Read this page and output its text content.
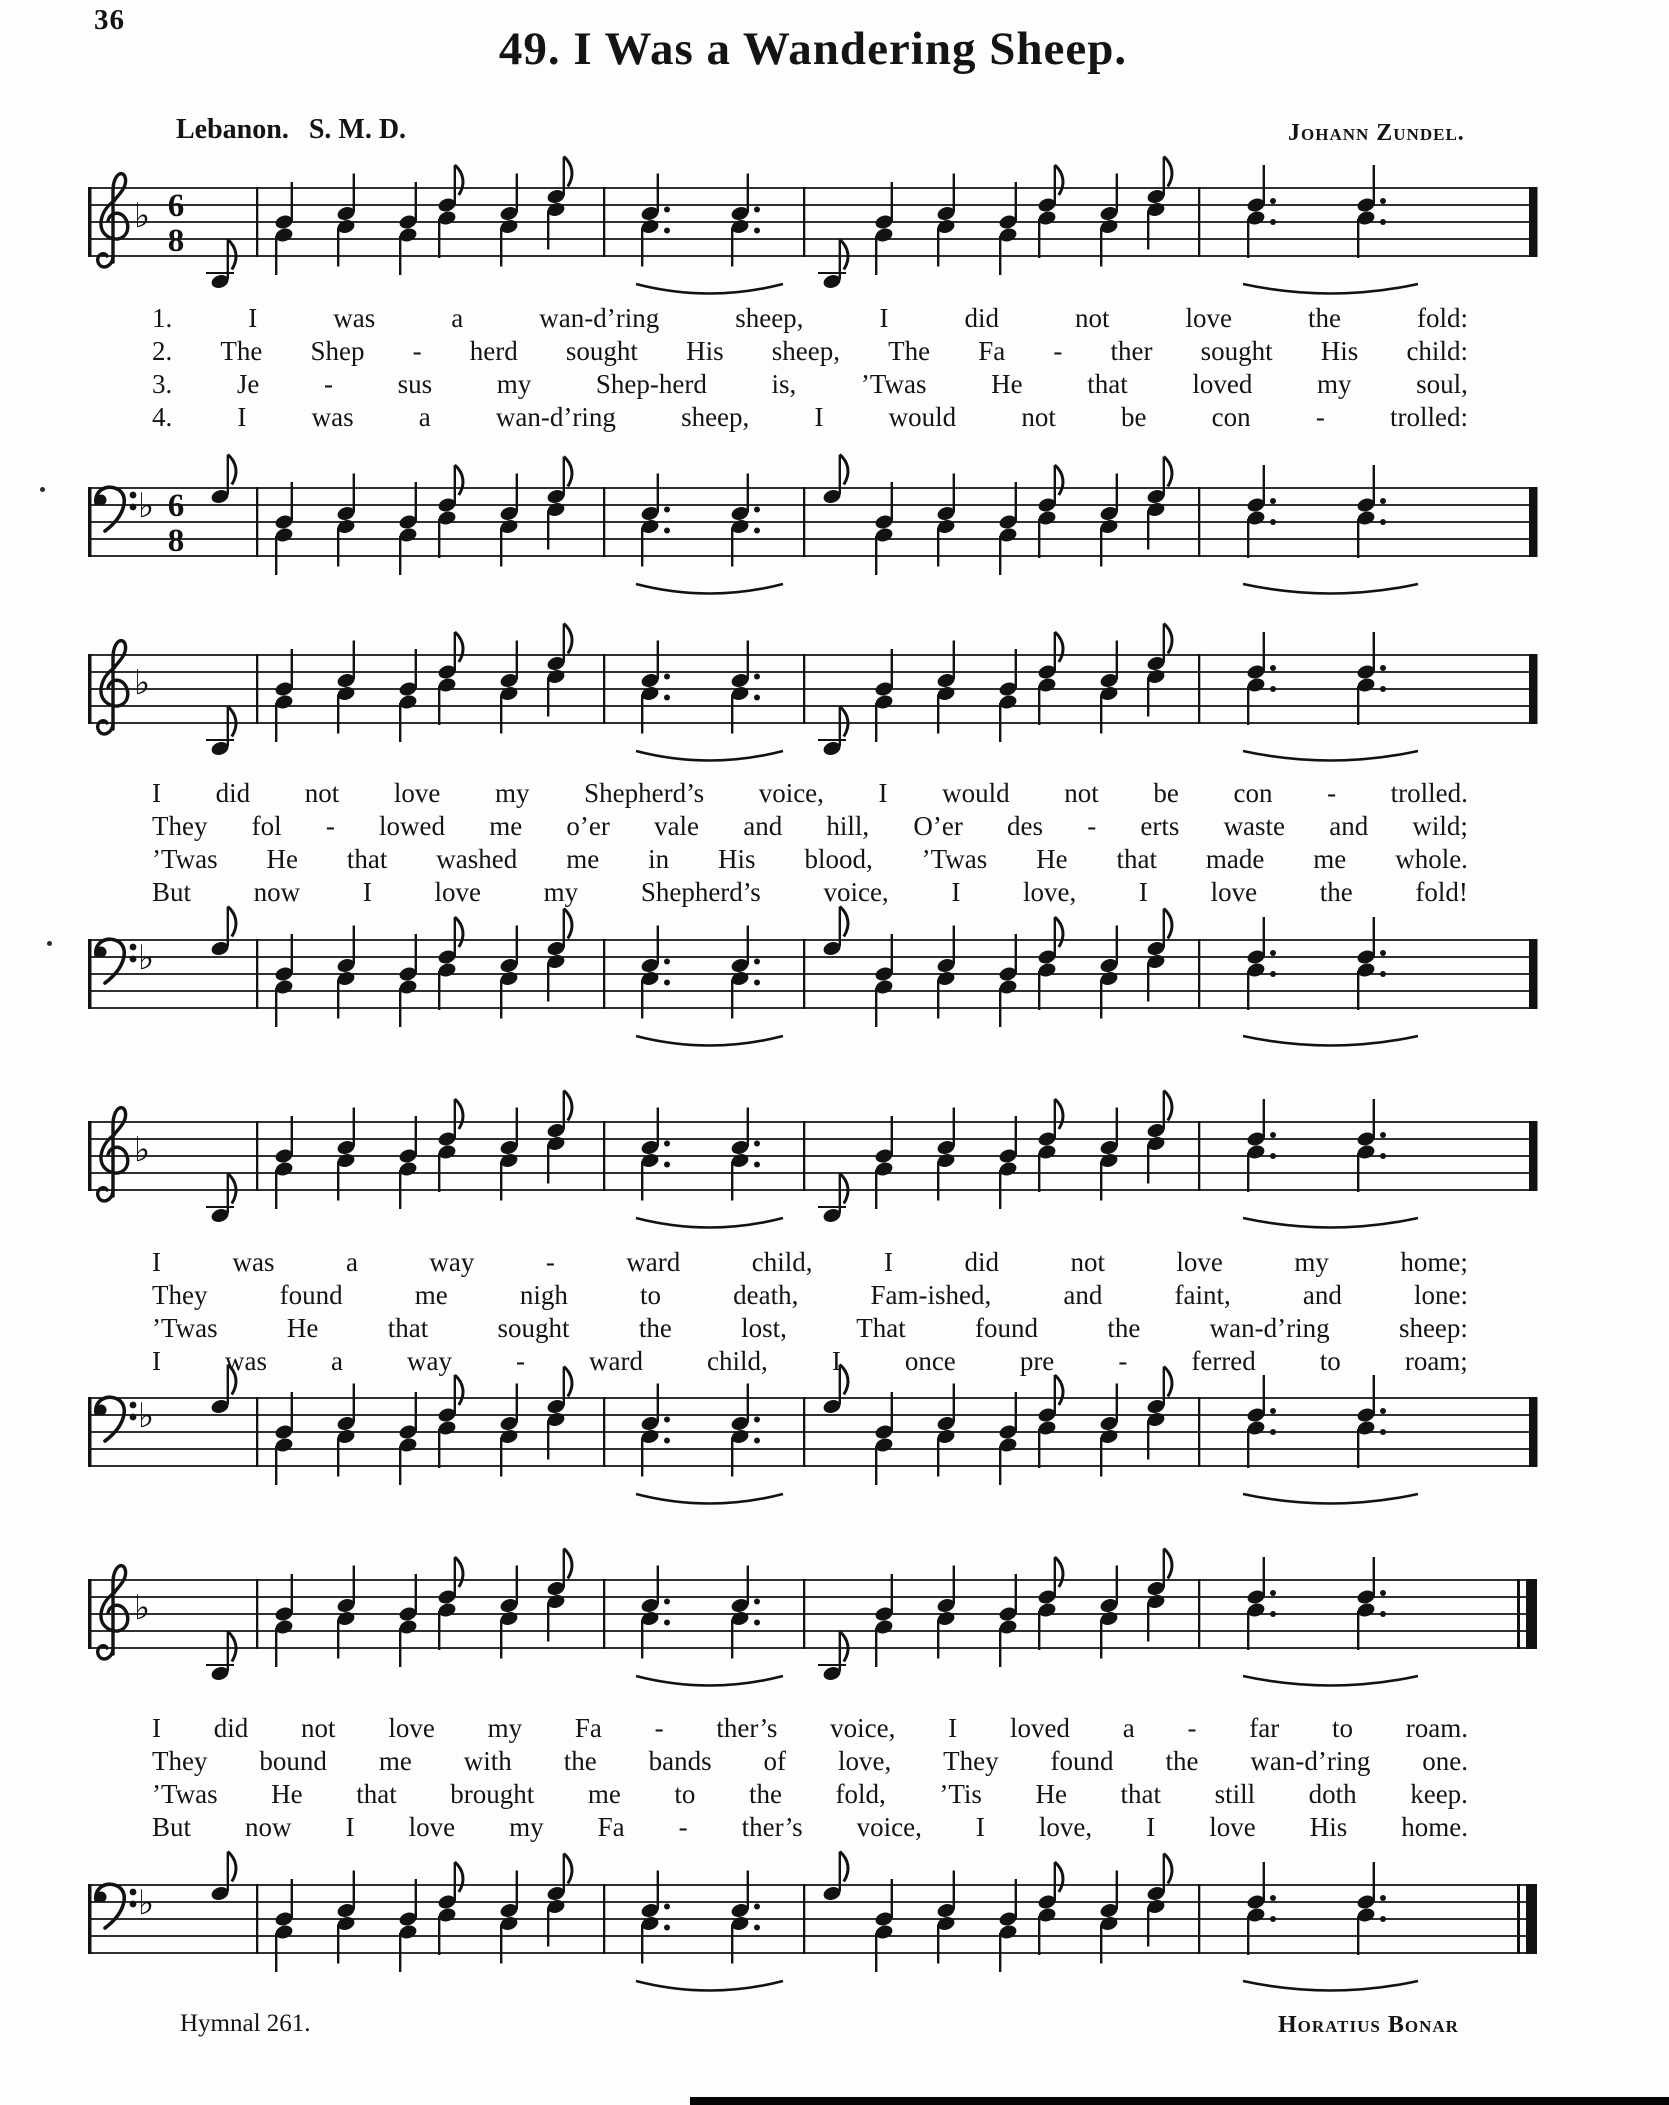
36
49. I Was a Wandering Sheep.
Lebanon. S. M. D.	Johann Zundel.
♭ 6
8
1.	I	was	a	wan-d’ring	sheep,	I	did	not	love	the	fold:
2. The Shep - herd sought His sheep, The Fa - ther sought His child:
3. Je - sus my Shep-herd is, ’Twas He that loved my soul,
4. I was a wan-d’ring sheep, I would not be con - trolled:
♭ 6
8
♭
I did not love my Shepherd’s voice, I would not be con - trolled.
They fol - lowed me o’er vale and hill, O’er des - erts waste and wild;
’Twas He that washed me in His blood, ’Twas He that made me whole.
But now I love my Shepherd’s voice, I love, I love the fold!
♭
♭
I	was	a	way	-	ward	child,	I	did	not	love	my	home;
They	found	me	nigh	to	death,	Fam-ished,	and	faint,	and	lone:
’Twas	He	that	sought	the	lost,	That	found	the	wan-d’ring	sheep:
I was a way - ward child, I once pre - ferred to roam;
♭
♭
I did not love my Fa - ther’s voice, I loved a - far to roam.
They bound me with the bands of love, They found the wan-d’ring one.
’Twas He that brought me to the fold, ’Tis He that still doth keep.
But now I love my Fa - ther’s voice, I love, I love His home.
♭
Hymnal 261.	Horatius Bonar
